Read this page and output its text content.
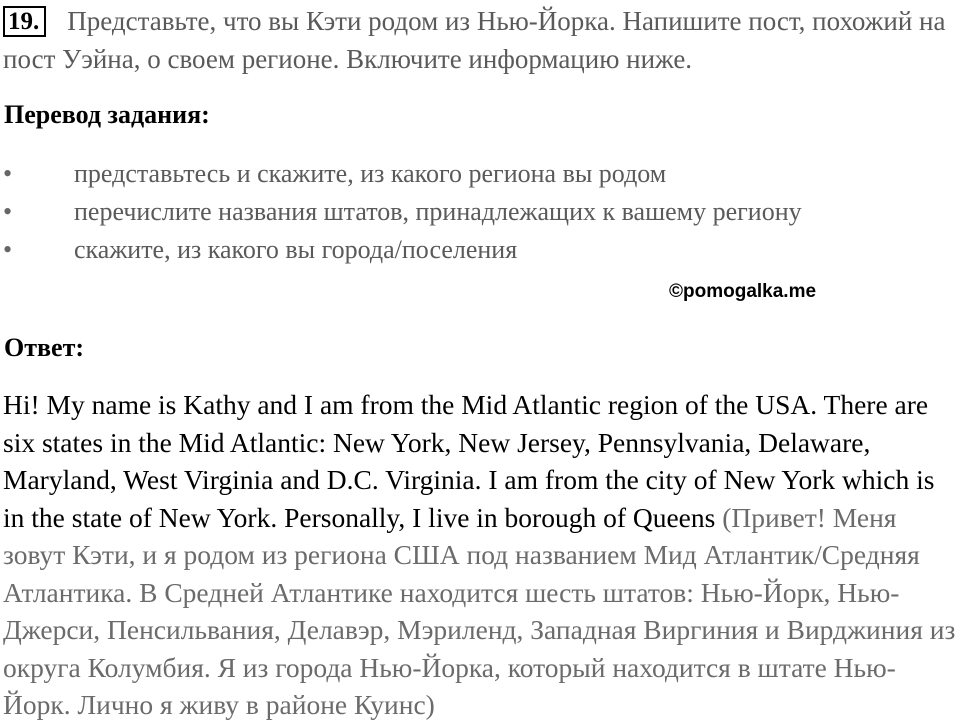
19. Представьте, что вы Кэти родом из Нью-Йорка. Напишите пост, похожий на пост Уэйна, о своем регионе. Включите информацию ниже.
Перевод задания:
• представьтесь и скажите, из какого региона вы родом
• перечислите названия штатов, принадлежащих к вашему региону
• скажите, из какого вы города/поселения
©pomogalka.me
Ответ:
Hi! My name is Kathy and I am from the Mid Atlantic region of the USA. There are six states in the Mid Atlantic: New York, New Jersey, Pennsylvania, Delaware, Maryland, West Virginia and D.C. Virginia. I am from the city of New York which is in the state of New York. Personally, I live in borough of Queens (Привет! Меня зовут Кэти, и я родом из региона США под названием Мид Атлантик/Средняя Атлантика. В Средней Атлантике находится шесть штатов: Нью-Йорк, Нью-Джерси, Пенсильвания, Делавэр, Мэриленд, Западная Виргиния и Вирджиния из округа Колумбия. Я из города Нью-Йорка, который находится в штате Нью-Йорк. Лично я живу в районе Куинс)
